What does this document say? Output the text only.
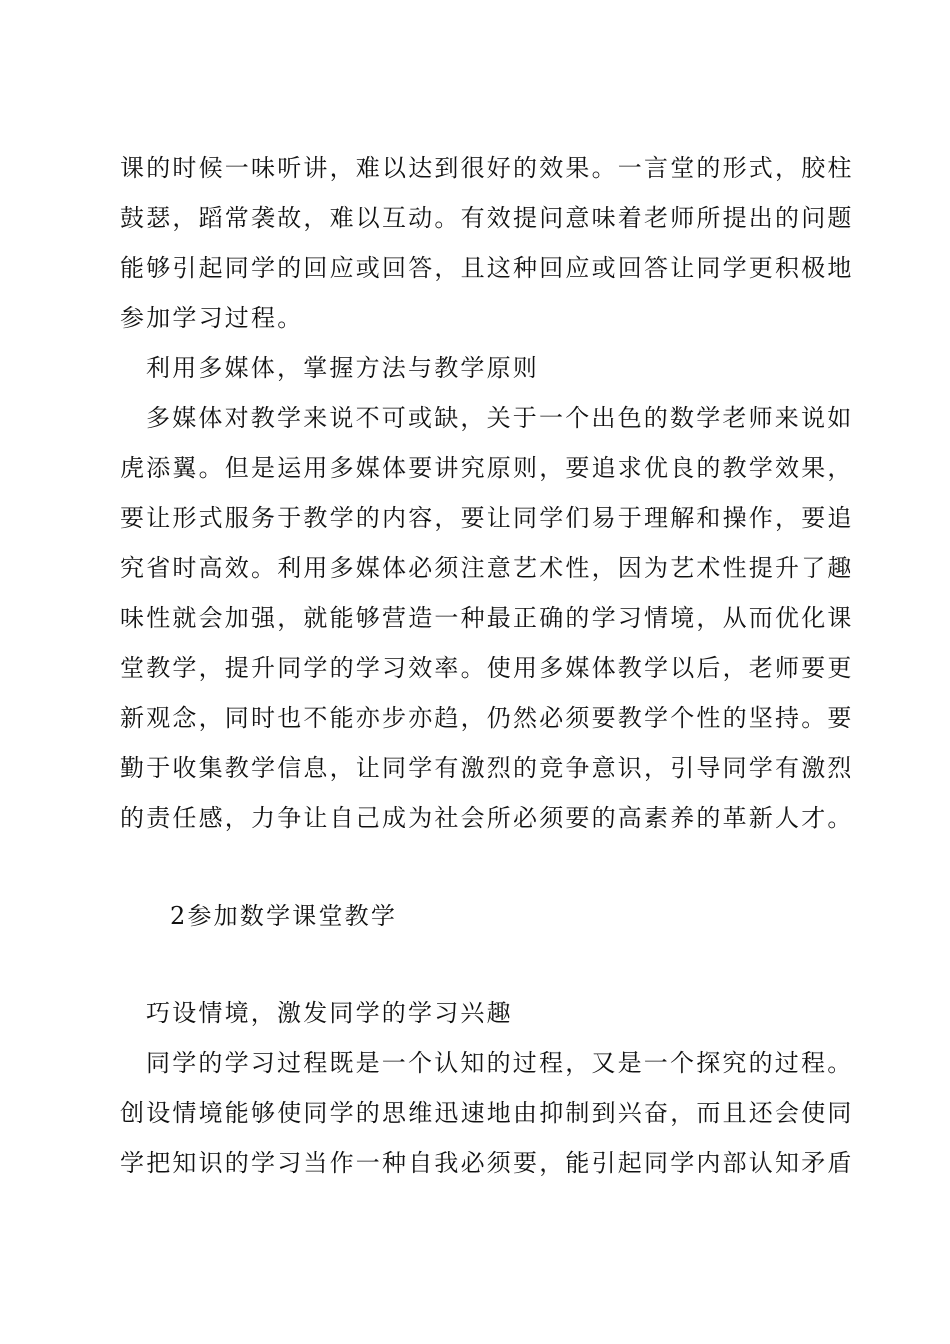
课的时候一味听讲，难以达到很好的效果。一言堂的形式，胶柱
鼓瑟，蹈常袭故，难以互动。有效提问意味着老师所提出的问题
能够引起同学的回应或回答，且这种回应或回答让同学更积极地
参加学习过程。
利用多媒体，掌握方法与教学原则
多媒体对教学来说不可或缺，关于一个出色的数学老师来说如
虎添翼。但是运用多媒体要讲究原则，要追求优良的教学效果，
要让形式服务于教学的内容，要让同学们易于理解和操作，要追
究省时高效。利用多媒体必须注意艺术性，因为艺术性提升了趣
味性就会加强，就能够营造一种最正确的学习情境，从而优化课
堂教学，提升同学的学习效率。使用多媒体教学以后，老师要更
新观念，同时也不能亦步亦趋，仍然必须要教学个性的坚持。要
勤于收集教学信息，让同学有激烈的竞争意识，引导同学有激烈
的责任感，力争让自己成为社会所必须要的高素养的革新人才。
2参加数学课堂教学
巧设情境，激发同学的学习兴趣
同学的学习过程既是一个认知的过程，又是一个探究的过程。
创设情境能够使同学的思维迅速地由抑制到兴奋，而且还会使同
学把知识的学习当作一种自我必须要，能引起同学内部认知矛盾
